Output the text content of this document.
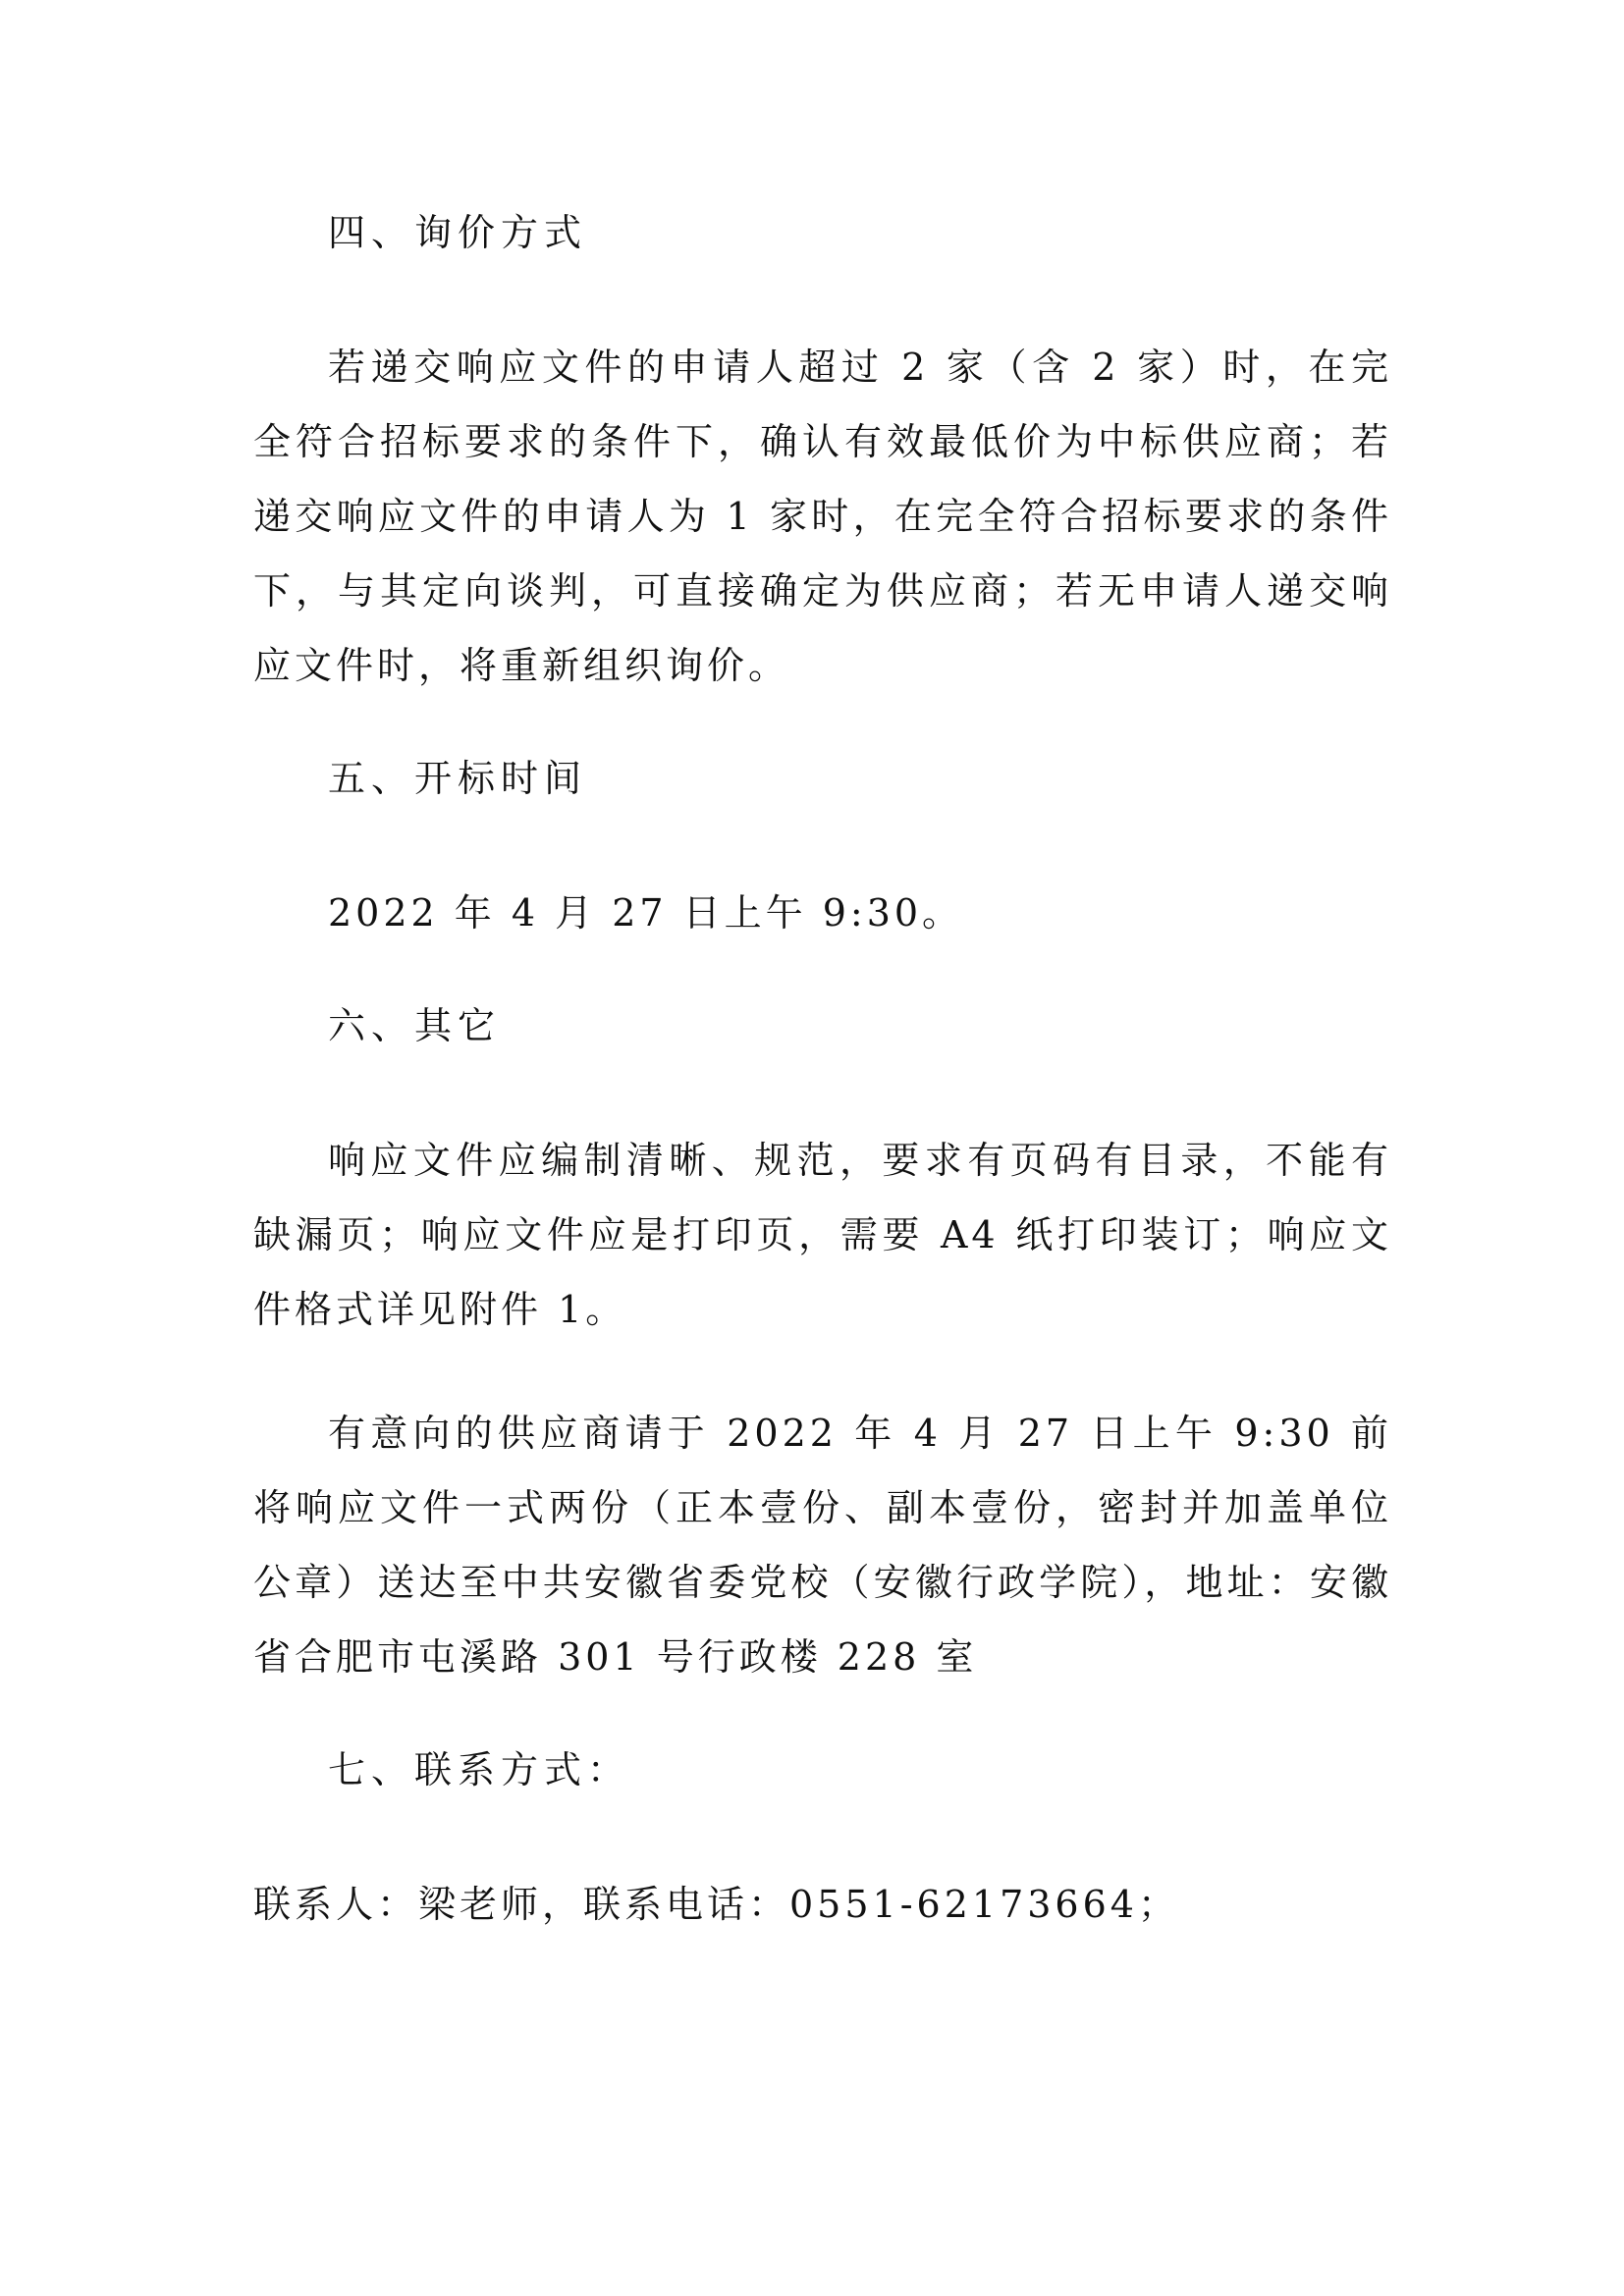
四、询价方式

若递交响应文件的申请人超过 2 家（含 2 家）时，在完全符合招标要求的条件下，确认有效最低价为中标供应商；若递交响应文件的申请人为 1 家时，在完全符合招标要求的条件下，与其定向谈判，可直接确定为供应商；若无申请人递交响应文件时，将重新组织询价。

五、开标时间

2022 年 4 月 27 日上午 9:30。

六、其它

响应文件应编制清晰、规范，要求有页码有目录，不能有缺漏页；响应文件应是打印页，需要 A4 纸打印装订；响应文件格式详见附件 1。

有意向的供应商请于 2022 年 4 月 27 日上午 9:30 前将响应文件一式两份（正本壹份、副本壹份，密封并加盖单位公章）送达至中共安徽省委党校（安徽行政学院），地址：安徽省合肥市屯溪路 301 号行政楼 228 室

七、联系方式：

联系人：梁老师，联系电话：0551-62173664；
